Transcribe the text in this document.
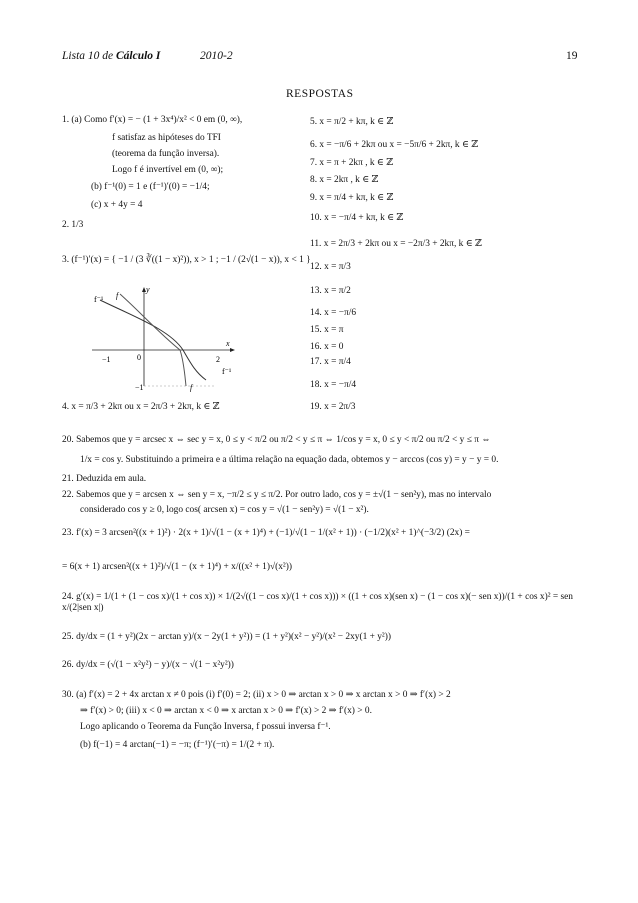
Lista 10 de Cálculo I	2010-2	19
RESPOSTAS
1. (a) Como f′(x) = − (1 + 3x⁴)/x² < 0 em (0, ∞),
f satisfaz as hipóteses do TFI
(teorema da função inversa).
Logo f é invertível em (0, ∞);
(b) f⁻¹(0) = 1 e (f⁻¹)′(0) = −1/4;
(c) x + 4y = 4
2. 1/3
3. (f⁻¹)′(x) = { −1 / (3 ∛((1 − x)²)), x > 1 ; −1 / (2√(1 − x)), x < 1 }
f⁻¹ f
y
x
−1	0	2
f⁻¹
−1	f
4. x = π/3 + 2kπ ou x = 2π/3 + 2kπ, k ∈ ℤ
5. x = π/2 + kπ, k ∈ ℤ
6. x = −π/6 + 2kπ ou x = −5π/6 + 2kπ, k ∈ ℤ
7. x = π + 2kπ , k ∈ ℤ
8. x = 2kπ , k ∈ ℤ
9. x = π/4 + kπ, k ∈ ℤ
10. x = −π/4 + kπ, k ∈ ℤ
11. x = 2π/3 + 2kπ ou x = −2π/3 + 2kπ, k ∈ ℤ
12. x = π/3
13. x = π/2
14. x = −π/6
15. x = π
16. x = 0
17. x = π/4
18. x = −π/4
19. x = 2π/3
20. Sabemos que y = arcsec x ⇔ sec y = x, 0 ≤ y < π/2 ou π/2 < y ≤ π ⇔ 1/cos y = x, 0 ≤ y < π/2 ou π/2 < y ≤ π ⇔
1/x = cos y. Substituindo a primeira e a última relação na equação dada, obtemos y − arccos (cos y) = y − y = 0.
21. Deduzida em aula.
22. Sabemos que y = arcsen x ⇔ sen y = x, −π/2 ≤ y ≤ π/2. Por outro lado, cos y = ±√(1 − sen²y), mas no intervalo
considerado cos y ≥ 0, logo cos( arcsen x) = cos y = √(1 − sen²y) = √(1 − x²).
23. f′(x) = 3 arcsen²((x + 1)²) · 2(x + 1)/√(1 − (x + 1)⁴) + (−1)/√(1 − 1/(x² + 1)) · (−1/2)(x² + 1)^(−3/2) (2x) =
= 6(x + 1) arcsen²((x + 1)²)/√(1 − (x + 1)⁴) + x/((x² + 1)√(x²))
24. g′(x) = 1/(1 + (1 − cos x)/(1 + cos x)) × 1/(2√((1 − cos x)/(1 + cos x))) × ((1 + cos x)(sen x) − (1 − cos x)(− sen x))/(1 + cos x)² = sen x/(2|sen x|)
25. dy/dx = (1 + y²)(2x − arctan y)/(x − 2y(1 + y²)) = (1 + y²)(x² − y²)/(x² − 2xy(1 + y²))
26. dy/dx = (√(1 − x²y²) − y)/(x − √(1 − x²y²))
30. (a) f′(x) = 2 + 4x arctan x ≠ 0 pois (i) f′(0) = 2; (ii) x > 0 ⇒ arctan x > 0 ⇒ x arctan x > 0 ⇒ f′(x) > 2
⇒ f′(x) > 0; (iii) x < 0 ⇒ arctan x < 0 ⇒ x arctan x > 0 ⇒ f′(x) > 2 ⇒ f′(x) > 0.
Logo aplicando o Teorema da Função Inversa, f possui inversa f⁻¹.
(b) f(−1) = 4 arctan(−1) = −π; (f⁻¹)′(−π) = 1/(2 + π).
